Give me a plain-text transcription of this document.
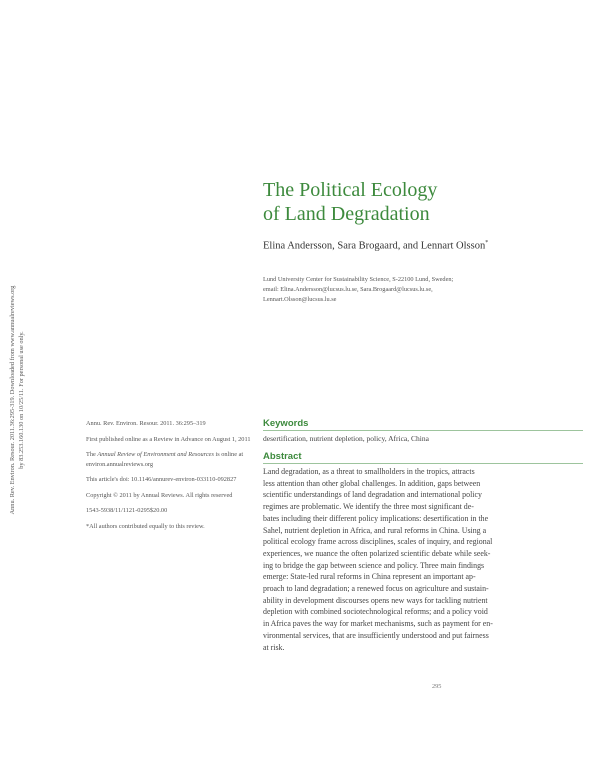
Annu. Rev. Environ. Resour. 2011.36:295-319. Downloaded from www.annualreviews.org by 83.253.160.130 on 10/25/11. For personal use only.
The Political Ecology
of Land Degradation
Elina Andersson, Sara Brogaard, and Lennart Olsson*
Lund University Center for Sustainability Science, S-22100 Lund, Sweden;
email: Elina.Andersson@lucsus.lu.se, Sara.Brogaard@lucsus.lu.se,
Lennart.Olsson@lucsus.lu.se

Annu. Rev. Environ. Resour. 2011. 36:295–319

First published online as a Review in Advance on August 1, 2011

The Annual Review of Environment and Resources is online at environ.annualreviews.org

This article's doi: 10.1146/annurev-environ-033110-092827

Copyright © 2011 by Annual Reviews. All rights reserved

1543-5938/11/1121-0295$20.00

*All authors contributed equally to this review.

Keywords
desertification, nutrient depletion, policy, Africa, China
Abstract
Land degradation, as a threat to smallholders in the tropics, attracts
less attention than other global challenges. In addition, gaps between
scientific understandings of land degradation and international policy
regimes are problematic. We identify the three most significant de-
bates including their different policy implications: desertification in the
Sahel, nutrient depletion in Africa, and rural reforms in China. Using a
political ecology frame across disciplines, scales of inquiry, and regional
experiences, we nuance the often polarized scientific debate while seek-
ing to bridge the gap between science and policy. Three main findings
emerge: State-led rural reforms in China represent an important ap-
proach to land degradation; a renewed focus on agriculture and sustain-
ability in development discourses opens new ways for tackling nutrient
depletion with combined sociotechnological reforms; and a policy void
in Africa paves the way for market mechanisms, such as payment for en-
vironmental services, that are insufficiently understood and put fairness
at risk.
295
